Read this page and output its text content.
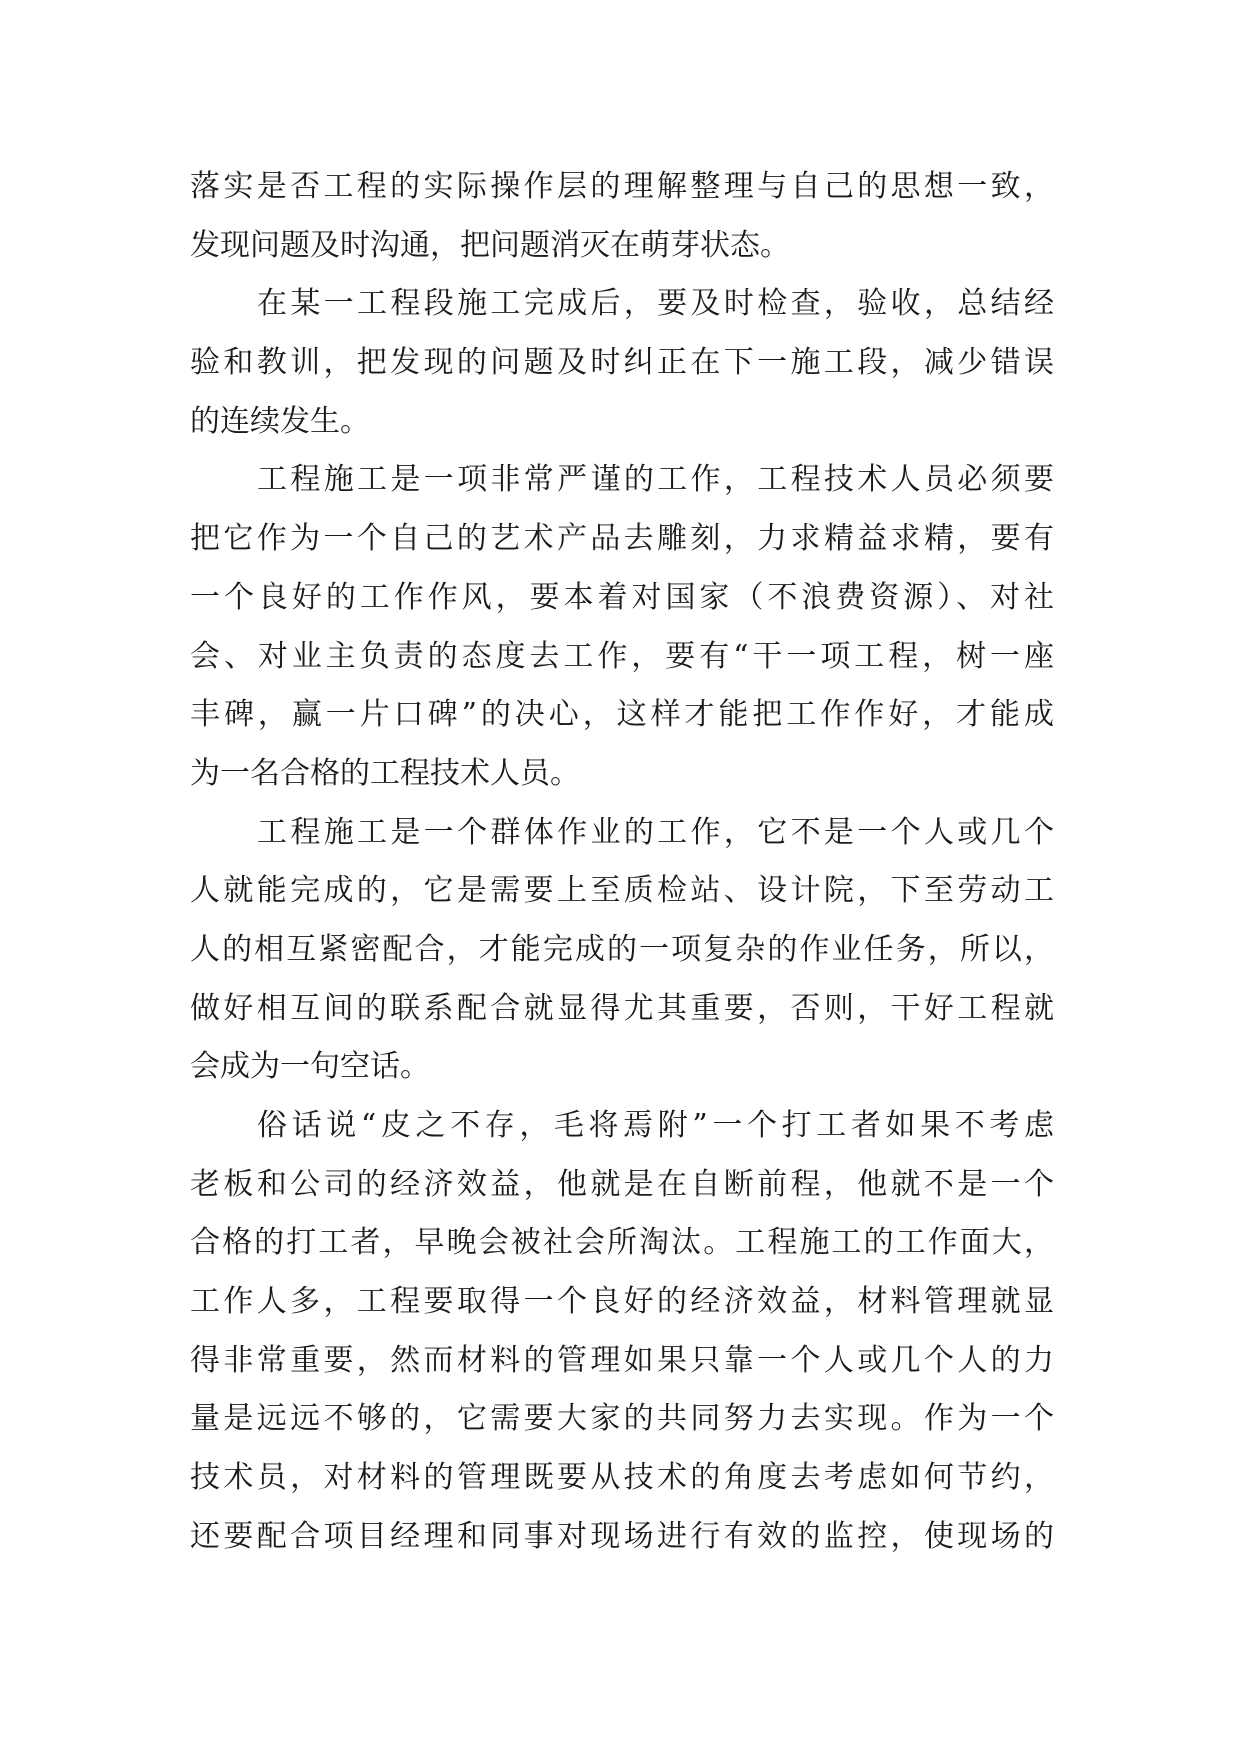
落实是否工程的实际操作层的理解整理与自己的思想一致，
发现问题及时沟通，把问题消灭在萌芽状态。
在某一工程段施工完成后，要及时检查，验收，总结经
验和教训，把发现的问题及时纠正在下一施工段，减少错误
的连续发生。
工程施工是一项非常严谨的工作，工程技术人员必须要
把它作为一个自己的艺术产品去雕刻，力求精益求精，要有
一个良好的工作作风，要本着对国家（不浪费资源）、对社
会、对业主负责的态度去工作，要有“干一项工程，树一座
丰碑，赢一片口碑”的决心，这样才能把工作作好，才能成
为一名合格的工程技术人员。
工程施工是一个群体作业的工作，它不是一个人或几个
人就能完成的，它是需要上至质检站、设计院，下至劳动工
人的相互紧密配合，才能完成的一项复杂的作业任务，所以，
做好相互间的联系配合就显得尤其重要，否则，干好工程就
会成为一句空话。
俗话说“皮之不存，毛将焉附”一个打工者如果不考虑
老板和公司的经济效益，他就是在自断前程，他就不是一个
合格的打工者，早晚会被社会所淘汰。工程施工的工作面大，
工作人多，工程要取得一个良好的经济效益，材料管理就显
得非常重要，然而材料的管理如果只靠一个人或几个人的力
量是远远不够的，它需要大家的共同努力去实现。作为一个
技术员，对材料的管理既要从技术的角度去考虑如何节约，
还要配合项目经理和同事对现场进行有效的监控，使现场的
